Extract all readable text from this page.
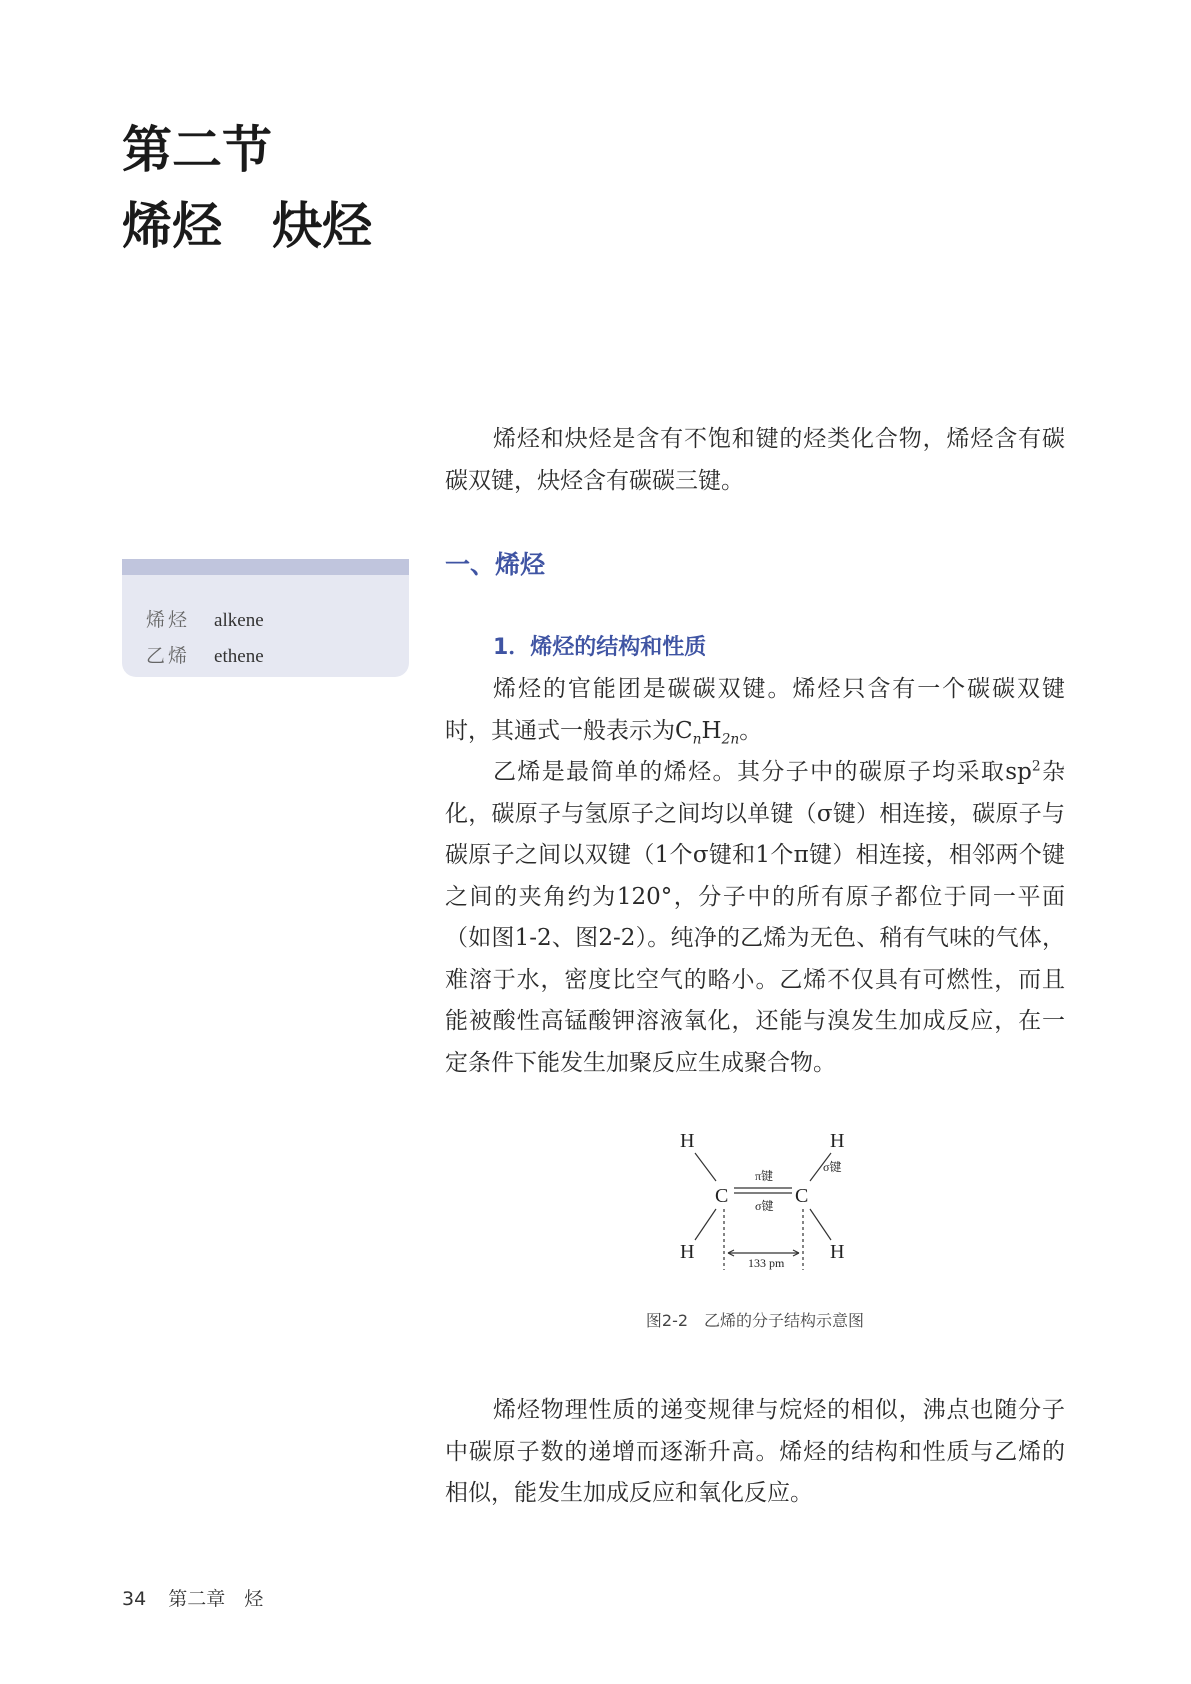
第二节
烯烃　炔烃
烯烃 alkene
乙烯 ethene

烯烃和炔烃是含有不饱和键的烃类化合物，烯烃含有碳碳双键，炔烃含有碳碳三键。

一、烯烃
1．烯烃的结构和性质

烯烃的官能团是碳碳双键。烯烃只含有一个碳碳双键时，其通式一般表示为$C_nH_{2n}$。

乙烯是最简单的烯烃。其分子中的碳原子均采取$sp^2$杂化，碳原子与氢原子之间均以单键（σ键）相连接，碳原子与碳原子之间以双键（1个σ键和1个π键）相连接，相邻两个键之间的夹角约为120°，分子中的所有原子都位于同一平面（如图1-2、图2-2）。纯净的乙烯为无色、稍有气味的气体，难溶于水，密度比空气的略小。乙烯不仅具有可燃性，而且能被酸性高锰酸钾溶液氧化，还能与溴发生加成反应，在一定条件下能发生加聚反应生成聚合物。

烯烃物理性质的递变规律与烷烃的相似，沸点也随分子中碳原子数的递增而逐渐升高。烯烃的结构和性质与乙烯的相似，能发生加成反应和氧化反应。

H	H
H	H
C	C
π键
σ键
σ键
133 pm
图2-2　乙烯的分子结构示意图
34 第二章　烃
